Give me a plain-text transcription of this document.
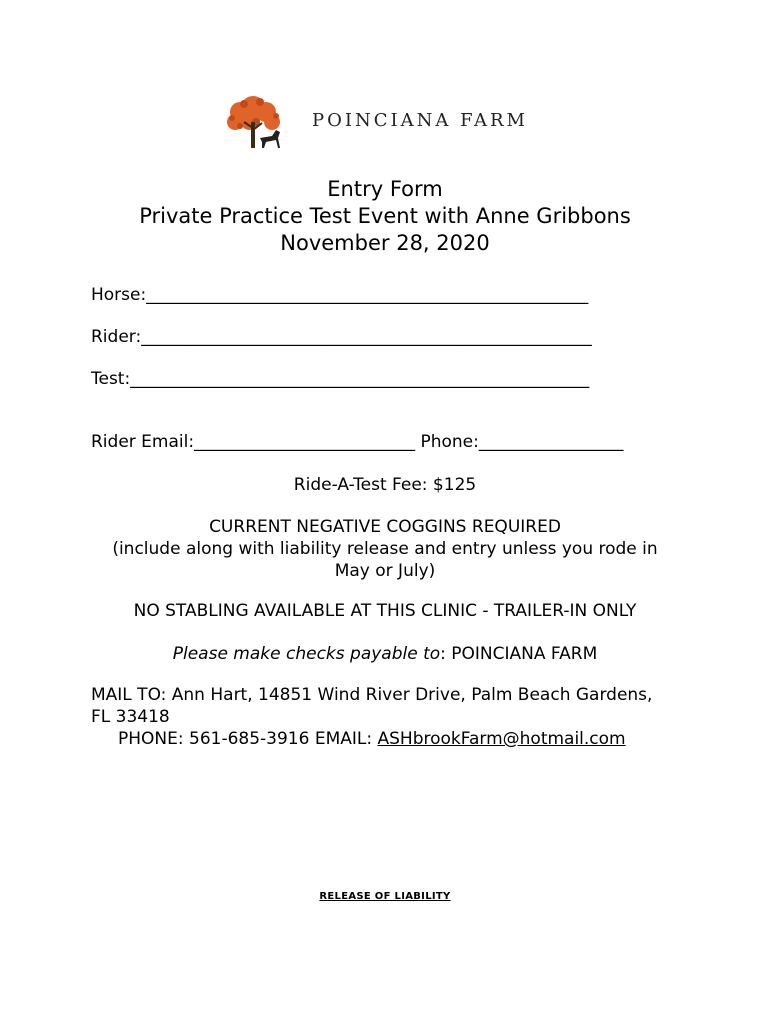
POINCIANA FARM
Entry Form
Private Practice Test Event with Anne Gribbons
November 28, 2020
Horse:____________________________________________________
Rider:_____________________________________________________
Test:______________________________________________________
Rider Email:__________________________ Phone:_________________
Ride-A-Test Fee: $125
CURRENT NEGATIVE COGGINS REQUIRED
(include along with liability release and entry unless you rode in
May or July)
NO STABLING AVAILABLE AT THIS CLINIC - TRAILER-IN ONLY
Please make checks payable to: POINCIANA FARM
MAIL TO: Ann Hart, 14851 Wind River Drive, Palm Beach Gardens,
FL 33418
PHONE: 561-685-3916 EMAIL: ASHbrookFarm@hotmail.com
RELEASE OF LIABILITY
